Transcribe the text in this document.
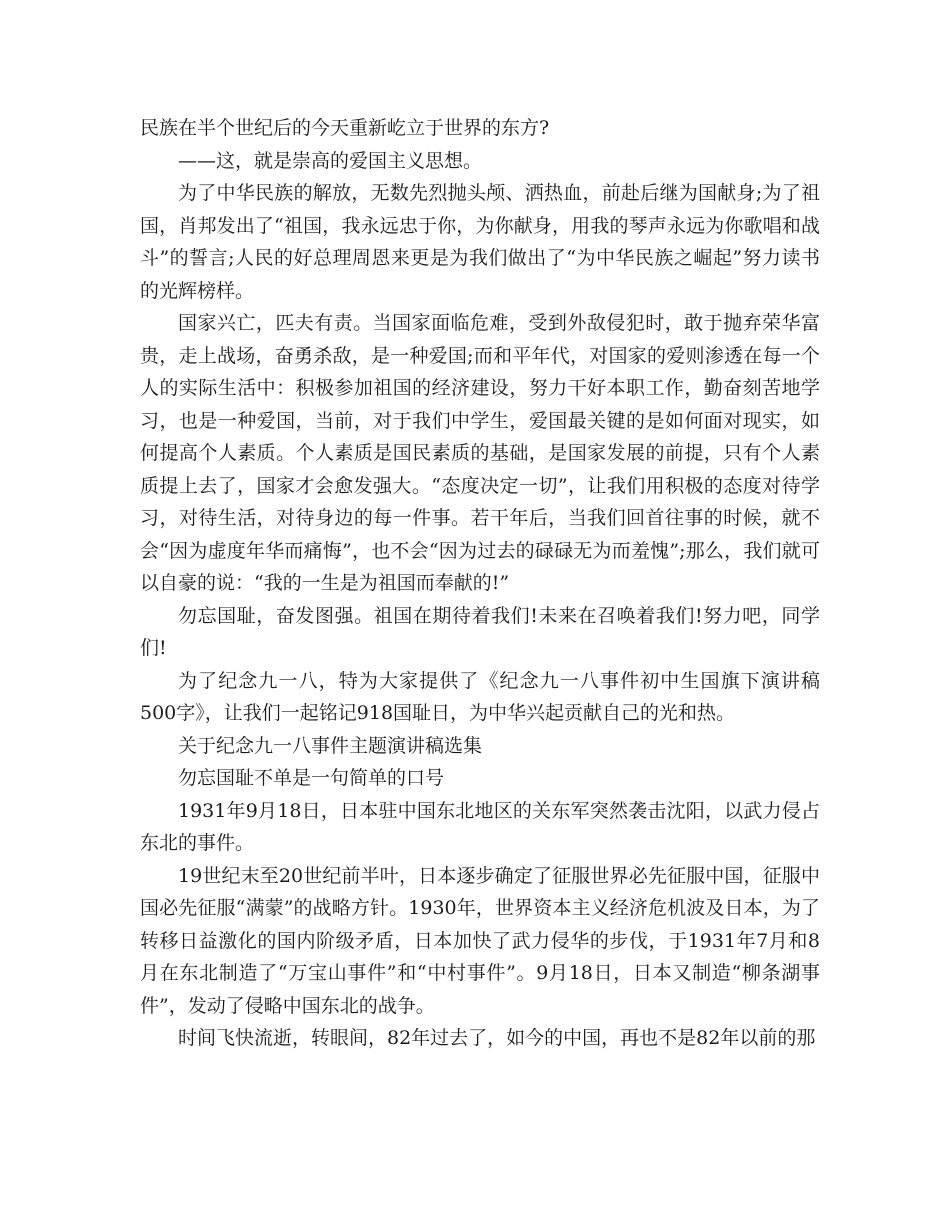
民族在半个世纪后的今天重新屹立于世界的东方?

——这，就是崇高的爱国主义思想。

为了中华民族的解放，无数先烈抛头颅、洒热血，前赴后继为国献身;为了祖国，肖邦发出了“祖国，我永远忠于你，为你献身，用我的琴声永远为你歌唱和战斗”的誓言;人民的好总理周恩来更是为我们做出了“为中华民族之崛起”努力读书的光辉榜样。

国家兴亡，匹夫有责。当国家面临危难，受到外敌侵犯时，敢于抛弃荣华富贵，走上战场，奋勇杀敌，是一种爱国;而和平年代，对国家的爱则渗透在每一个人的实际生活中：积极参加祖国的经济建设，努力干好本职工作，勤奋刻苦地学习，也是一种爱国，当前，对于我们中学生，爱国最关键的是如何面对现实，如何提高个人素质。个人素质是国民素质的基础，是国家发展的前提，只有个人素质提上去了，国家才会愈发强大。“态度决定一切”，让我们用积极的态度对待学习，对待生活，对待身边的每一件事。若干年后，当我们回首往事的时候，就不会“因为虚度年华而痛悔”，也不会“因为过去的碌碌无为而羞愧”;那么，我们就可以自豪的说：“我的一生是为祖国而奉献的!”

勿忘国耻，奋发图强。祖国在期待着我们!未来在召唤着我们!努力吧，同学们!

为了纪念九一八，特为大家提供了《纪念九一八事件初中生国旗下演讲稿500字》，让我们一起铭记918国耻日，为中华兴起贡献自己的光和热。

关于纪念九一八事件主题演讲稿选集

勿忘国耻不单是一句简单的口号

1931年9月18日，日本驻中国东北地区的关东军突然袭击沈阳，以武力侵占东北的事件。

19世纪末至20世纪前半叶，日本逐步确定了征服世界必先征服中国，征服中国必先征服“满蒙”的战略方针。1930年，世界资本主义经济危机波及日本，为了转移日益激化的国内阶级矛盾，日本加快了武力侵华的步伐，于1931年7月和8月在东北制造了“万宝山事件”和“中村事件”。9月18日，日本又制造“柳条湖事件”，发动了侵略中国东北的战争。

时间飞快流逝，转眼间，82年过去了，如今的中国，再也不是82年以前的那
